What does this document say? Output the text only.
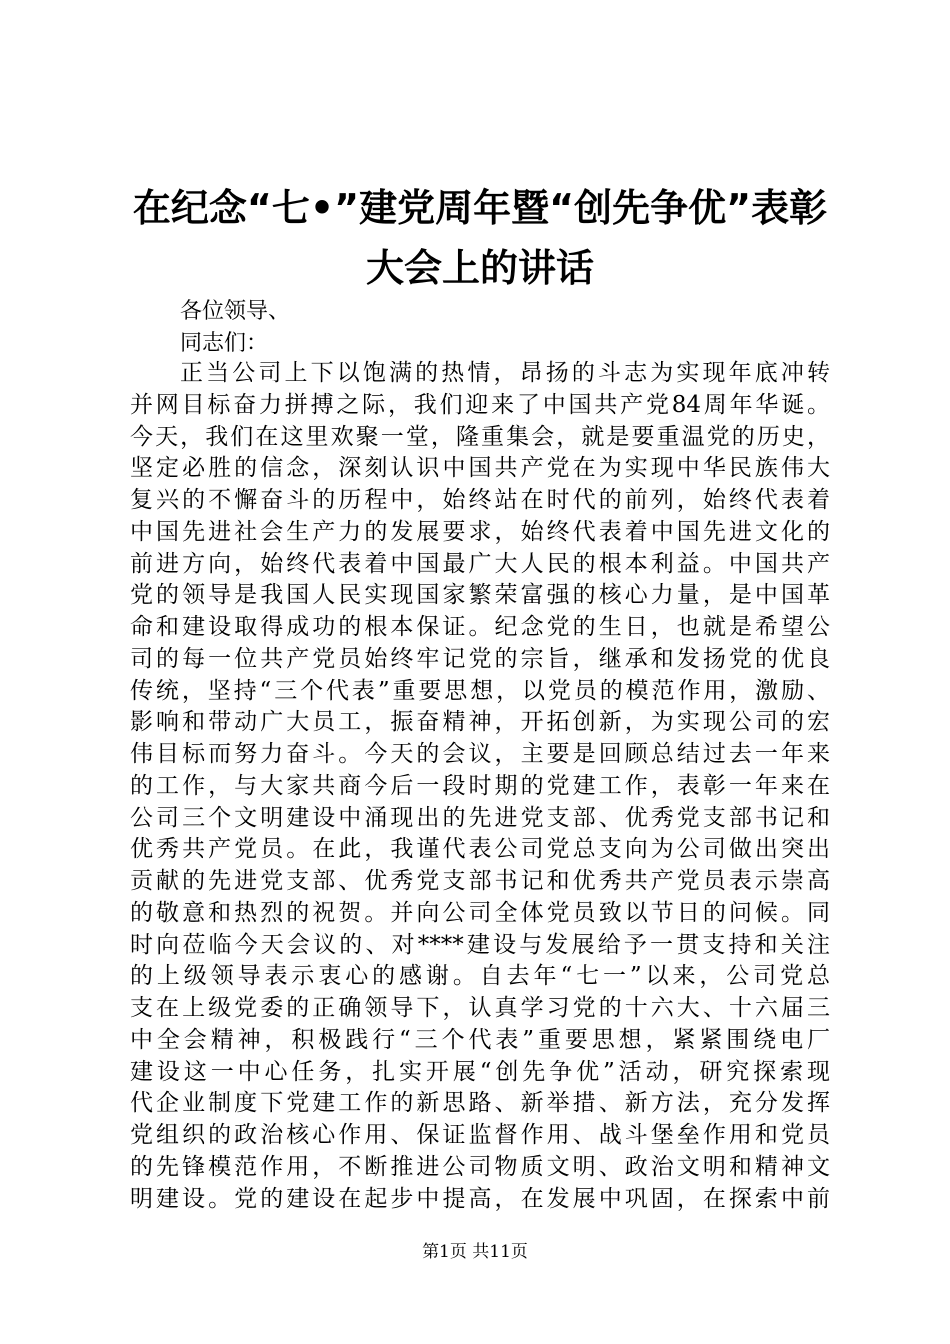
在纪念“七•”建党周年暨“创先争优”表彰
大会上的讲话

各位领导、

同志们：

正当公司上下以饱满的热情，昂扬的斗志为实现年底冲转
并网目标奋力拼搏之际，我们迎来了中国共产党84周年华诞。
今天，我们在这里欢聚一堂，隆重集会，就是要重温党的历史，
坚定必胜的信念，深刻认识中国共产党在为实现中华民族伟大
复兴的不懈奋斗的历程中，始终站在时代的前列，始终代表着
中国先进社会生产力的发展要求，始终代表着中国先进文化的
前进方向，始终代表着中国最广大人民的根本利益。中国共产
党的领导是我国人民实现国家繁荣富强的核心力量，是中国革
命和建设取得成功的根本保证。纪念党的生日，也就是希望公
司的每一位共产党员始终牢记党的宗旨，继承和发扬党的优良
传统，坚持“三个代表”重要思想，以党员的模范作用，激励、
影响和带动广大员工，振奋精神，开拓创新，为实现公司的宏
伟目标而努力奋斗。今天的会议，主要是回顾总结过去一年来
的工作，与大家共商今后一段时期的党建工作，表彰一年来在
公司三个文明建设中涌现出的先进党支部、优秀党支部书记和
优秀共产党员。在此，我谨代表公司党总支向为公司做出突出
贡献的先进党支部、优秀党支部书记和优秀共产党员表示崇高
的敬意和热烈的祝贺。并向公司全体党员致以节日的问候。同
时向莅临今天会议的、对****建设与发展给予一贯支持和关注
的上级领导表示衷心的感谢。自去年“七一”以来，公司党总
支在上级党委的正确领导下，认真学习党的十六大、十六届三
中全会精神，积极践行“三个代表”重要思想，紧紧围绕电厂
建设这一中心任务，扎实开展“创先争优”活动，研究探索现
代企业制度下党建工作的新思路、新举措、新方法，充分发挥
党组织的政治核心作用、保证监督作用、战斗堡垒作用和党员
的先锋模范作用，不断推进公司物质文明、政治文明和精神文
明建设。党的建设在起步中提高，在发展中巩固，在探索中前

第1页 共11页
